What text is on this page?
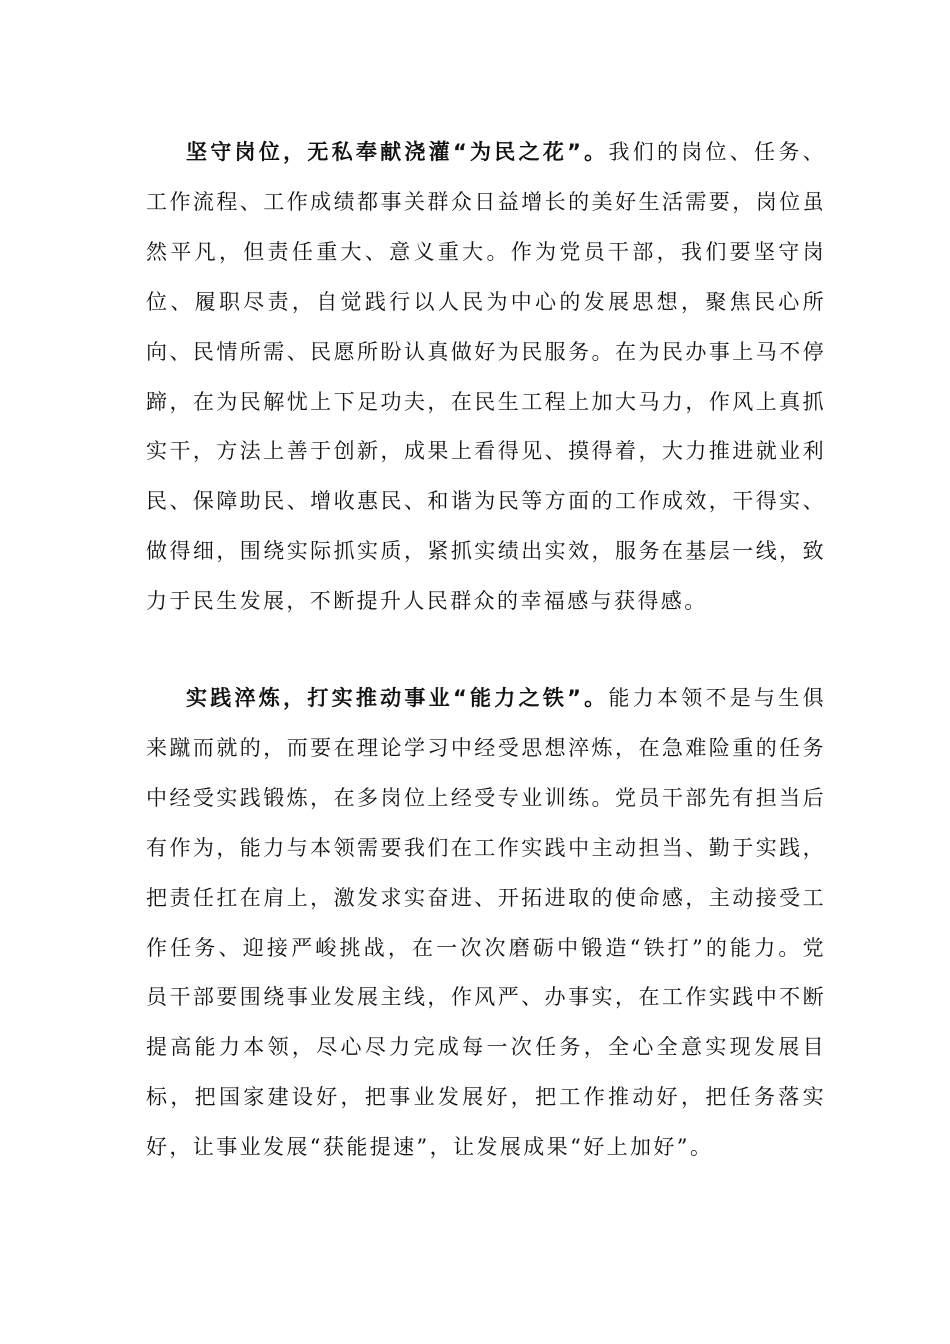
坚守岗位，无私奉献浇灌“为民之花”。我们的岗位、任务、工作流程、工作成绩都事关群众日益增长的美好生活需要，岗位虽然平凡，但责任重大、意义重大。作为党员干部，我们要坚守岗位、履职尽责，自觉践行以人民为中心的发展思想，聚焦民心所向、民情所需、民愿所盼认真做好为民服务。在为民办事上马不停蹄，在为民解忧上下足功夫，在民生工程上加大马力，作风上真抓实干，方法上善于创新，成果上看得见、摸得着，大力推进就业利民、保障助民、增收惠民、和谐为民等方面的工作成效，干得实、做得细，围绕实际抓实质，紧抓实绩出实效，服务在基层一线，致力于民生发展，不断提升人民群众的幸福感与获得感。

实践淬炼，打实推动事业“能力之铁”。能力本领不是与生俱来蹴而就的，而要在理论学习中经受思想淬炼，在急难险重的任务中经受实践锻炼，在多岗位上经受专业训练。党员干部先有担当后有作为，能力与本领需要我们在工作实践中主动担当、勤于实践，把责任扛在肩上，激发求实奋进、开拓进取的使命感，主动接受工作任务、迎接严峻挑战，在一次次磨砺中锻造“铁打”的能力。党员干部要围绕事业发展主线，作风严、办事实，在工作实践中不断提高能力本领，尽心尽力完成每一次任务，全心全意实现发展目标，把国家建设好，把事业发展好，把工作推动好，把任务落实好，让事业发展“获能提速”，让发展成果“好上加好”。
